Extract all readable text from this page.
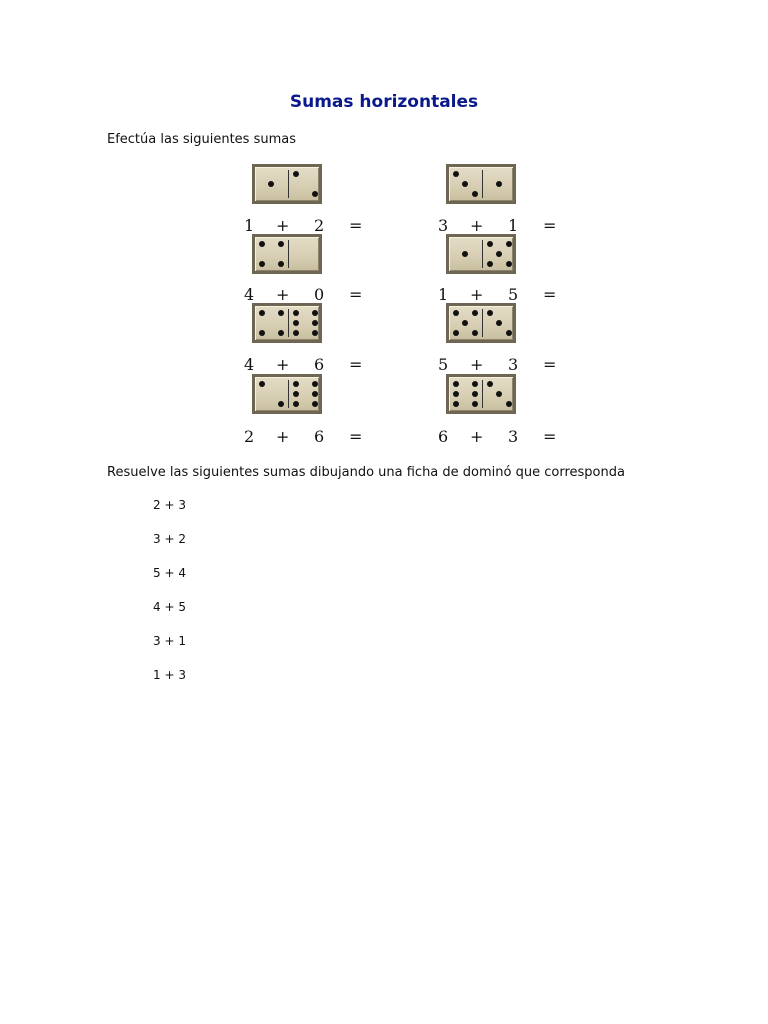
Sumas horizontales
Efectúa las siguientes sumas
1 + 2 =	3 + 1 =
4 + 0 =	1 + 5 =
4 + 6 =	5 + 3 =
2 + 6 =	6 + 3 =
Resuelve las siguientes sumas dibujando una ficha de dominó que corresponda
2 + 3
3 + 2
5 + 4
4 + 5
3 + 1
1 + 3
